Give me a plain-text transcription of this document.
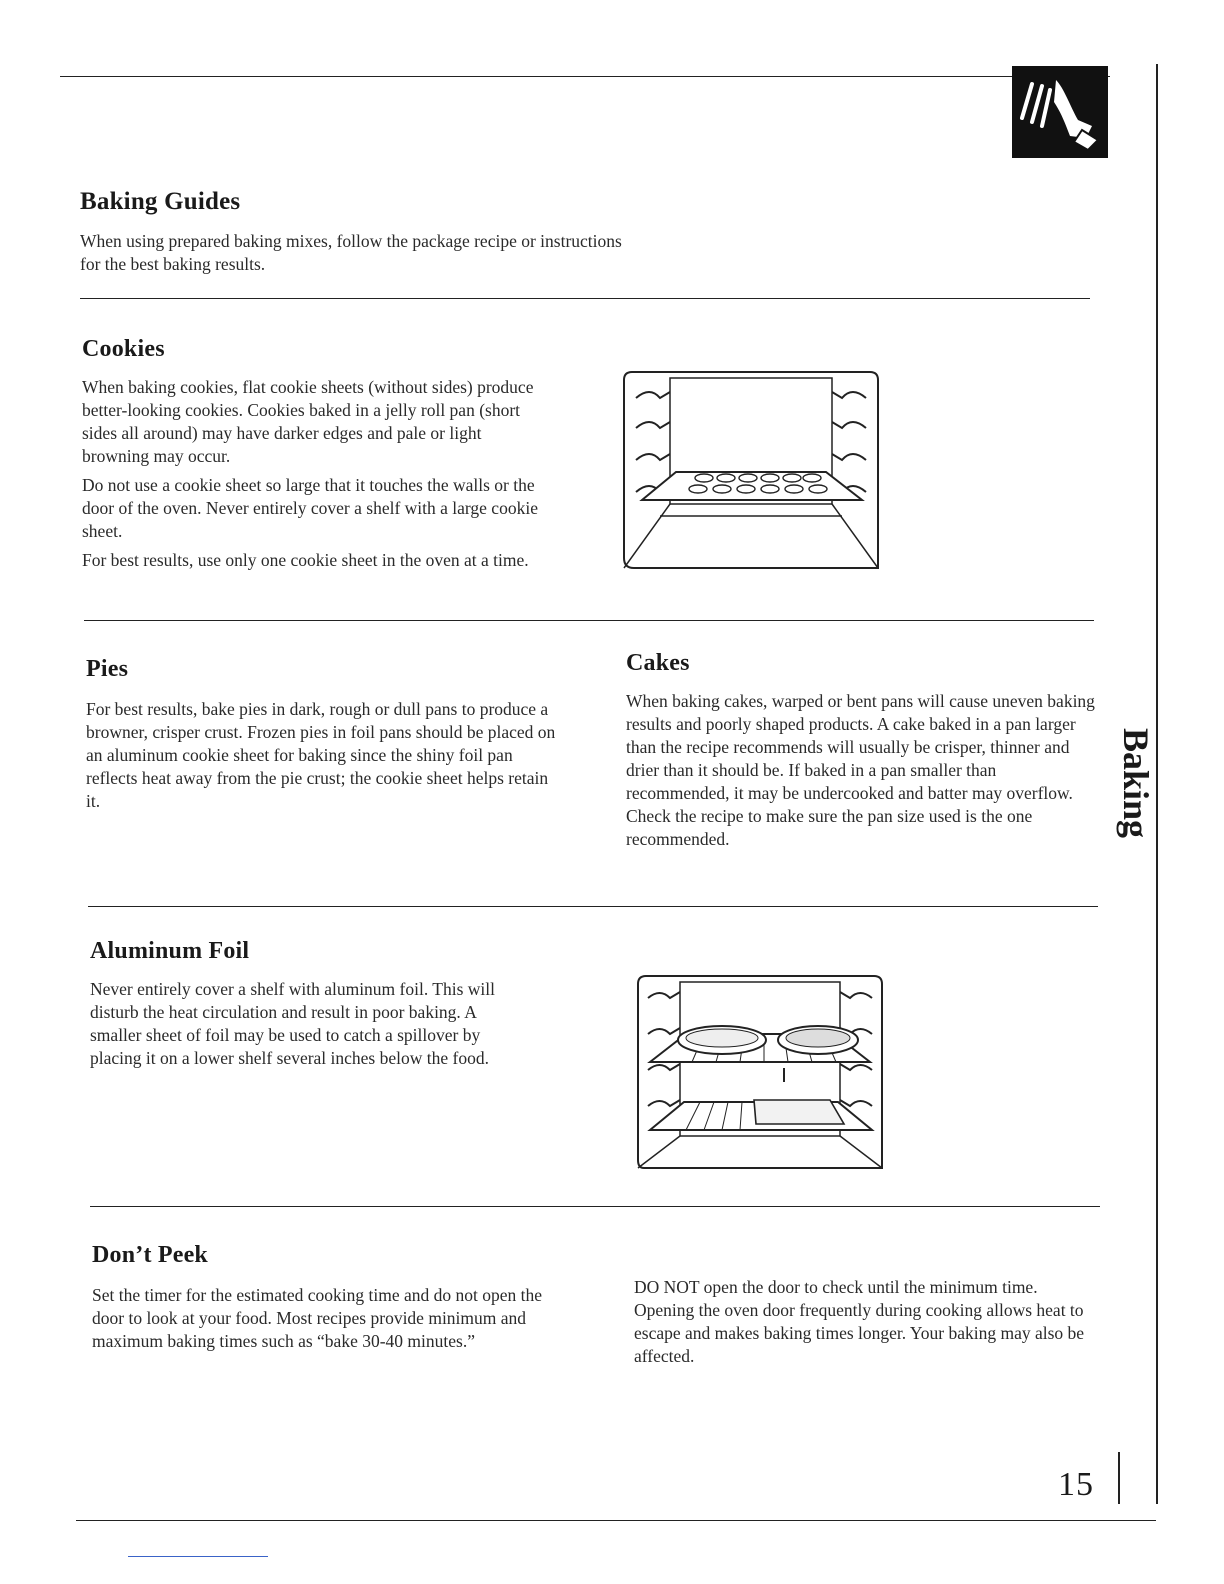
Baking Guides

When using prepared baking mixes, follow the package recipe or instructions for the best baking results.

Cookies

When baking cookies, flat cookie sheets (without sides) produce better-looking cookies. Cookies baked in a jelly roll pan (short sides all around) may have darker edges and pale or light browning may occur.

Do not use a cookie sheet so large that it touches the walls or the door of the oven. Never entirely cover a shelf with a large cookie sheet.

For best results, use only one cookie sheet in the oven at a time.

Pies

For best results, bake pies in dark, rough or dull pans to produce a browner, crisper crust. Frozen pies in foil pans should be placed on an aluminum cookie sheet for baking since the shiny foil pan reflects heat away from the pie crust; the cookie sheet helps retain it.

Cakes

When baking cakes, warped or bent pans will cause uneven baking results and poorly shaped products. A cake baked in a pan larger than the recipe recommends will usually be crisper, thinner and drier than it should be. If baked in a pan smaller than recommended, it may be undercooked and batter may overflow. Check the recipe to make sure the pan size used is the one recommended.

Baking
Aluminum Foil

Never entirely cover a shelf with aluminum foil. This will disturb the heat circulation and result in poor baking. A smaller sheet of foil may be used to catch a spillover by placing it on a lower shelf several inches below the food.

Don’t Peek

Set the timer for the estimated cooking time and do not open the door to look at your food. Most recipes provide minimum and maximum baking times such as “bake 30-40 minutes.”

DO NOT open the door to check until the minimum time. Opening the oven door frequently during cooking allows heat to escape and makes baking times longer. Your baking may also be affected.

15
